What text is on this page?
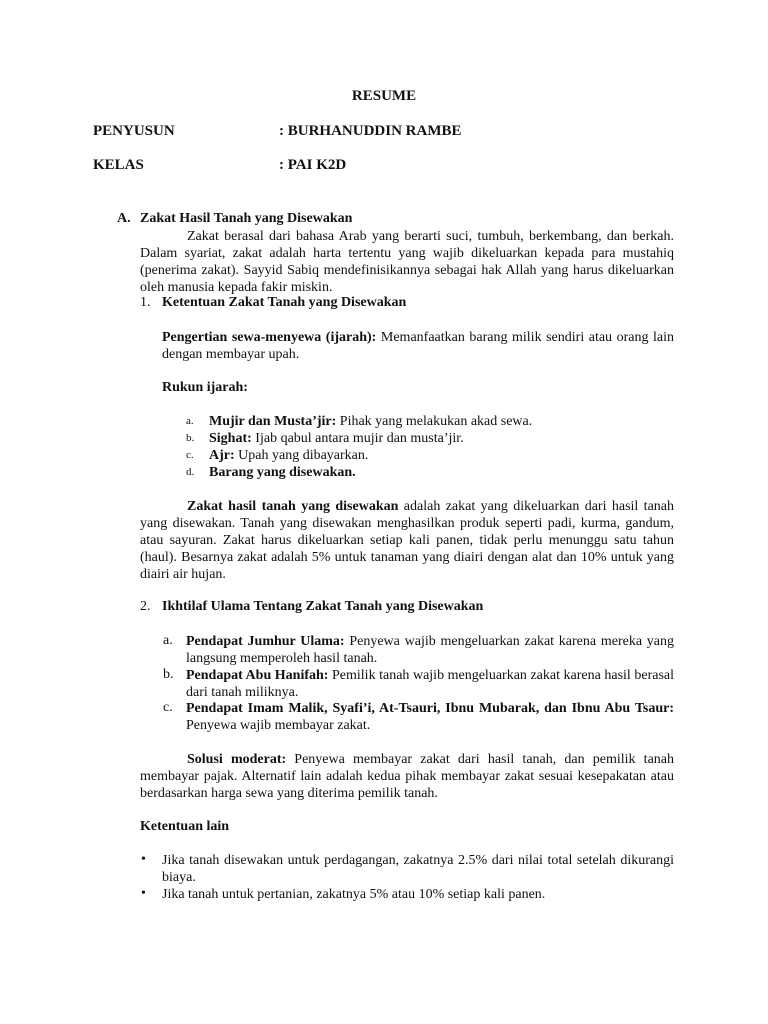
RESUME
PENYUSUN	: BURHANUDDIN RAMBE
KELAS	: PAI K2D
A. Zakat Hasil Tanah yang Disewakan
Zakat berasal dari bahasa Arab yang berarti suci, tumbuh, berkembang, dan berkah. Dalam syariat, zakat adalah harta tertentu yang wajib dikeluarkan kepada para mustahiq (penerima zakat). Sayyid Sabiq mendefinisikannya sebagai hak Allah yang harus dikeluarkan oleh manusia kepada fakir miskin.
1. Ketentuan Zakat Tanah yang Disewakan
Pengertian sewa-menyewa (ijarah): Memanfaatkan barang milik sendiri atau orang lain dengan membayar upah.
Rukun ijarah:
a. Mujir dan Musta’jir: Pihak yang melakukan akad sewa.
b. Sighat: Ijab qabul antara mujir dan musta’jir.
c. Ajr: Upah yang dibayarkan.
d. Barang yang disewakan.
Zakat hasil tanah yang disewakan adalah zakat yang dikeluarkan dari hasil tanah yang disewakan. Tanah yang disewakan menghasilkan produk seperti padi, kurma, gandum, atau sayuran. Zakat harus dikeluarkan setiap kali panen, tidak perlu menunggu satu tahun (haul). Besarnya zakat adalah 5% untuk tanaman yang diairi dengan alat dan 10% untuk yang diairi air hujan.
2. Ikhtilaf Ulama Tentang Zakat Tanah yang Disewakan
a. Pendapat Jumhur Ulama: Penyewa wajib mengeluarkan zakat karena mereka yang langsung memperoleh hasil tanah.
b. Pendapat Abu Hanifah: Pemilik tanah wajib mengeluarkan zakat karena hasil berasal dari tanah miliknya.
c. Pendapat Imam Malik, Syafi’i, At-Tsauri, Ibnu Mubarak, dan Ibnu Abu Tsaur: Penyewa wajib membayar zakat.
Solusi moderat: Penyewa membayar zakat dari hasil tanah, dan pemilik tanah membayar pajak. Alternatif lain adalah kedua pihak membayar zakat sesuai kesepakatan atau berdasarkan harga sewa yang diterima pemilik tanah.
Ketentuan lain
• Jika tanah disewakan untuk perdagangan, zakatnya 2.5% dari nilai total setelah dikurangi biaya.
• Jika tanah untuk pertanian, zakatnya 5% atau 10% setiap kali panen.
